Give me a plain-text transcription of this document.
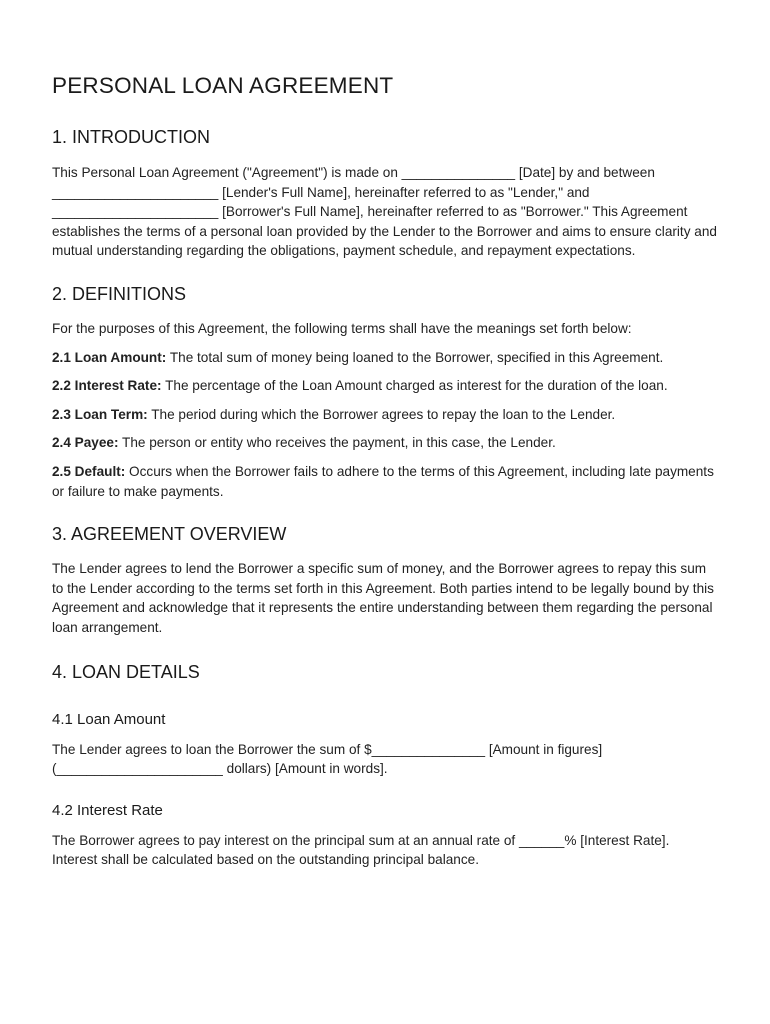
PERSONAL LOAN AGREEMENT
1. INTRODUCTION

This Personal Loan Agreement ("Agreement") is made on _______________ [Date] by and between ______________________ [Lender's Full Name], hereinafter referred to as "Lender," and ______________________ [Borrower's Full Name], hereinafter referred to as "Borrower." This Agreement establishes the terms of a personal loan provided by the Lender to the Borrower and aims to ensure clarity and mutual understanding regarding the obligations, payment schedule, and repayment expectations.

2. DEFINITIONS

For the purposes of this Agreement, the following terms shall have the meanings set forth below:

2.1 Loan Amount: The total sum of money being loaned to the Borrower, specified in this Agreement.

2.2 Interest Rate: The percentage of the Loan Amount charged as interest for the duration of the loan.

2.3 Loan Term: The period during which the Borrower agrees to repay the loan to the Lender.

2.4 Payee: The person or entity who receives the payment, in this case, the Lender.

2.5 Default: Occurs when the Borrower fails to adhere to the terms of this Agreement, including late payments or failure to make payments.

3. AGREEMENT OVERVIEW

The Lender agrees to lend the Borrower a specific sum of money, and the Borrower agrees to repay this sum to the Lender according to the terms set forth in this Agreement. Both parties intend to be legally bound by this Agreement and acknowledge that it represents the entire understanding between them regarding the personal loan arrangement.

4. LOAN DETAILS
4.1 Loan Amount

The Lender agrees to loan the Borrower the sum of $_______________ [Amount in figures] (______________________ dollars) [Amount in words].

4.2 Interest Rate

The Borrower agrees to pay interest on the principal sum at an annual rate of ______% [Interest Rate]. Interest shall be calculated based on the outstanding principal balance.
